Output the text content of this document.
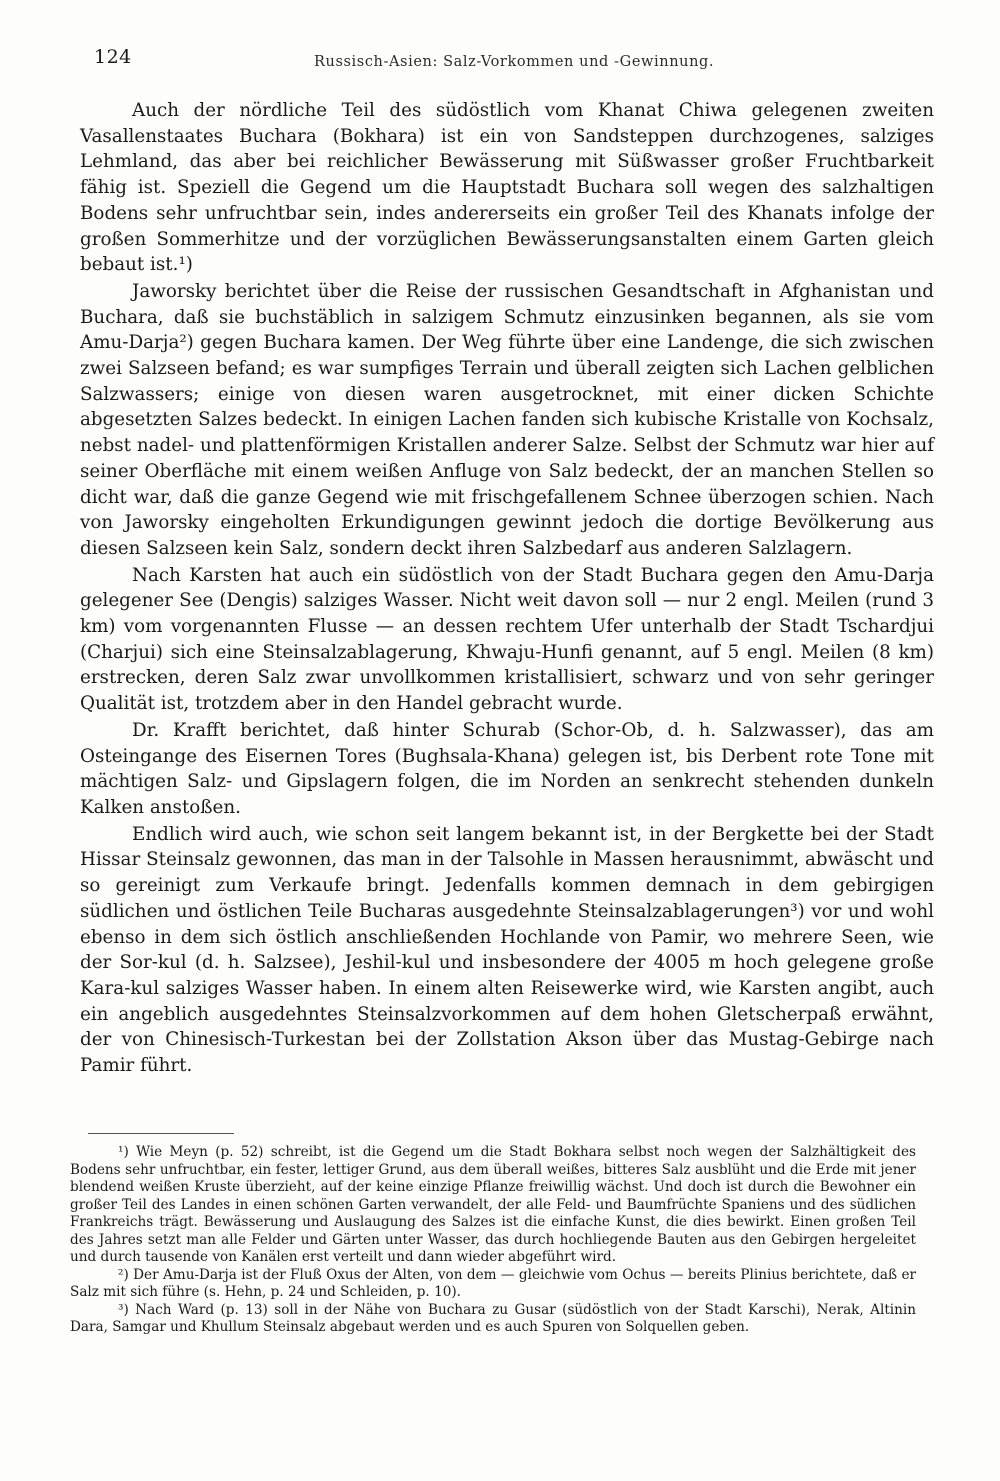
124	Russisch-Asien: Salz-Vorkommen und -Gewinnung.

Auch der nördliche Teil des südöstlich vom Khanat Chiwa gelegenen zweiten Vasallenstaates Buchara (Bokhara) ist ein von Sandsteppen durchzogenes, salziges Lehmland, das aber bei reichlicher Bewässerung mit Süßwasser großer Fruchtbarkeit fähig ist. Speziell die Gegend um die Hauptstadt Buchara soll wegen des salzhaltigen Bodens sehr unfruchtbar sein, indes andererseits ein großer Teil des Khanats infolge der großen Sommerhitze und der vorzüglichen Bewässerungsanstalten einem Garten gleich bebaut ist.¹)

Jaworsky berichtet über die Reise der russischen Gesandtschaft in Afghanistan und Buchara, daß sie buchstäblich in salzigem Schmutz einzusinken begannen, als sie vom Amu-Darja²) gegen Buchara kamen. Der Weg führte über eine Landenge, die sich zwischen zwei Salzseen befand; es war sumpfiges Terrain und überall zeigten sich Lachen gelblichen Salzwassers; einige von diesen waren ausgetrocknet, mit einer dicken Schichte abgesetzten Salzes bedeckt. In einigen Lachen fanden sich kubische Kristalle von Kochsalz, nebst nadel- und plattenförmigen Kristallen anderer Salze. Selbst der Schmutz war hier auf seiner Oberfläche mit einem weißen Anfluge von Salz bedeckt, der an manchen Stellen so dicht war, daß die ganze Gegend wie mit frischgefallenem Schnee überzogen schien. Nach von Jaworsky eingeholten Erkundigungen gewinnt jedoch die dortige Bevölkerung aus diesen Salzseen kein Salz, sondern deckt ihren Salzbedarf aus anderen Salzlagern.

Nach Karsten hat auch ein südöstlich von der Stadt Buchara gegen den Amu-Darja gelegener See (Dengis) salziges Wasser. Nicht weit davon soll — nur 2 engl. Meilen (rund 3 km) vom vorgenannten Flusse — an dessen rechtem Ufer unterhalb der Stadt Tschardjui (Charjui) sich eine Steinsalzablagerung, Khwaju-Hunfi genannt, auf 5 engl. Meilen (8 km) erstrecken, deren Salz zwar unvollkommen kristallisiert, schwarz und von sehr geringer Qualität ist, trotzdem aber in den Handel gebracht wurde.

Dr. Krafft berichtet, daß hinter Schurab (Schor-Ob, d. h. Salzwasser), das am Osteingange des Eisernen Tores (Bughsala-Khana) gelegen ist, bis Derbent rote Tone mit mächtigen Salz- und Gipslagern folgen, die im Norden an senkrecht stehenden dunkeln Kalken anstoßen.

Endlich wird auch, wie schon seit langem bekannt ist, in der Bergkette bei der Stadt Hissar Steinsalz gewonnen, das man in der Talsohle in Massen herausnimmt, abwäscht und so gereinigt zum Verkaufe bringt. Jedenfalls kommen demnach in dem gebirgigen südlichen und östlichen Teile Bucharas ausgedehnte Steinsalzablagerungen³) vor und wohl ebenso in dem sich östlich anschließenden Hochlande von Pamir, wo mehrere Seen, wie der Sor-kul (d. h. Salzsee), Jeshil-kul und insbesondere der 4005 m hoch gelegene große Kara-kul salziges Wasser haben. In einem alten Reisewerke wird, wie Karsten angibt, auch ein angeblich ausgedehntes Steinsalzvorkommen auf dem hohen Gletscherpaß erwähnt, der von Chinesisch-Turkestan bei der Zollstation Akson über das Mustag-Gebirge nach Pamir führt.

¹) Wie Meyn (p. 52) schreibt, ist die Gegend um die Stadt Bokhara selbst noch wegen der Salzhältigkeit des Bodens sehr unfruchtbar, ein fester, lettiger Grund, aus dem überall weißes, bitteres Salz ausblüht und die Erde mit jener blendend weißen Kruste überzieht, auf der keine einzige Pflanze freiwillig wächst. Und doch ist durch die Bewohner ein großer Teil des Landes in einen schönen Garten verwandelt, der alle Feld- und Baumfrüchte Spaniens und des südlichen Frankreichs trägt. Bewässerung und Auslaugung des Salzes ist die einfache Kunst, die dies bewirkt. Einen großen Teil des Jahres setzt man alle Felder und Gärten unter Wasser, das durch hochliegende Bauten aus den Gebirgen hergeleitet und durch tausende von Kanälen erst verteilt und dann wieder abgeführt wird.

²) Der Amu-Darja ist der Fluß Oxus der Alten, von dem — gleichwie vom Ochus — bereits Plinius berichtete, daß er Salz mit sich führe (s. Hehn, p. 24 und Schleiden, p. 10).

³) Nach Ward (p. 13) soll in der Nähe von Buchara zu Gusar (südöstlich von der Stadt Karschi), Nerak, Altinin Dara, Samgar und Khullum Steinsalz abgebaut werden und es auch Spuren von Solquellen geben.
